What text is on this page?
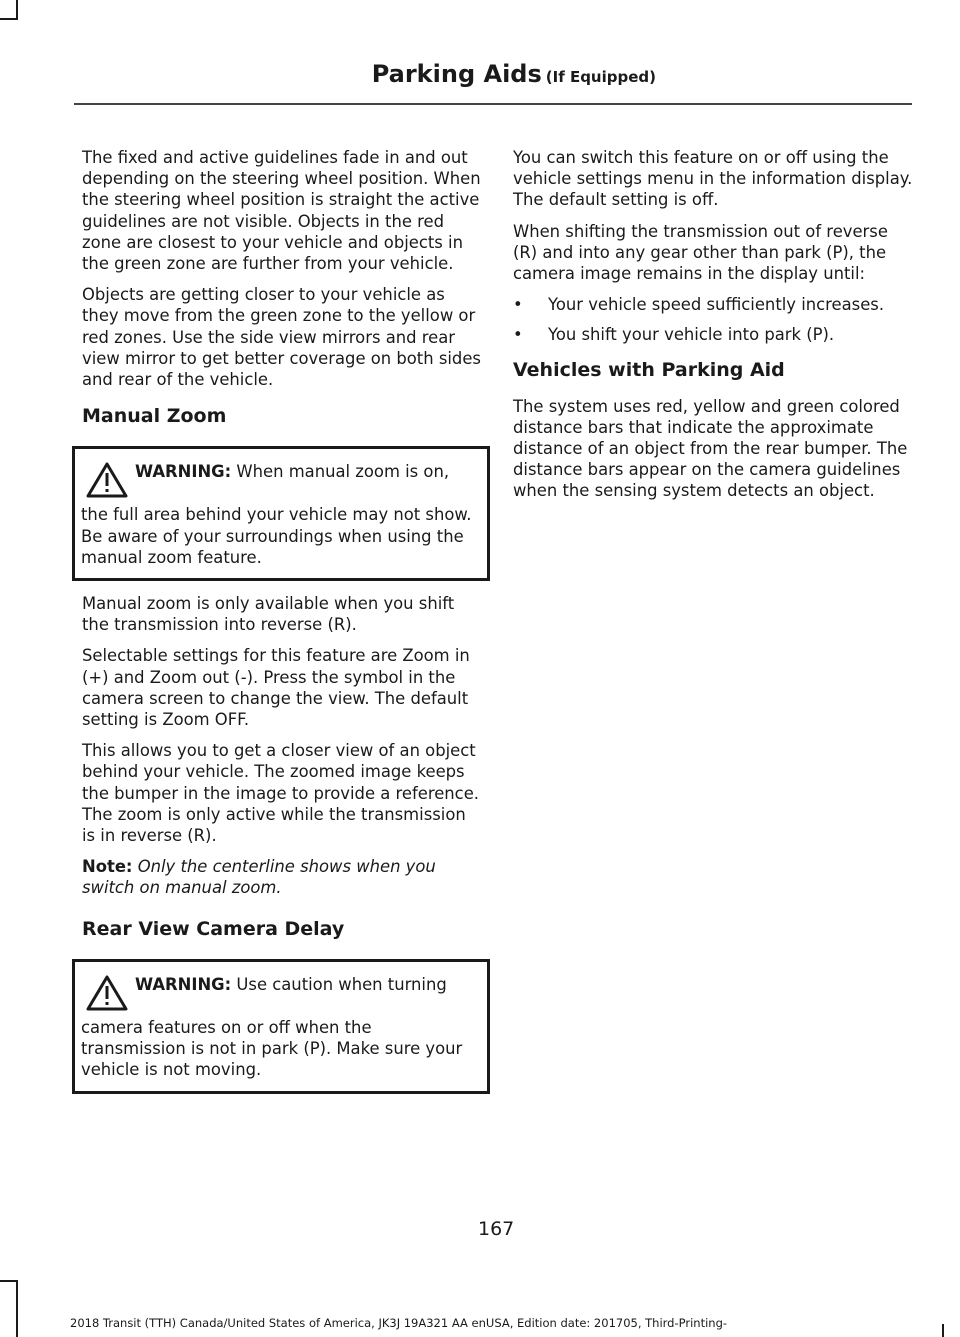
Parking Aids (If Equipped)

The fixed and active guidelines fade in and out depending on the steering wheel position. When the steering wheel position is straight the active guidelines are not visible. Objects in the red zone are closest to your vehicle and objects in the green zone are further from your vehicle.

Objects are getting closer to your vehicle as they move from the green zone to the yellow or red zones. Use the side view mirrors and rear view mirror to get better coverage on both sides and rear of the vehicle.

Manual Zoom
WARNING: When manual zoom is on, the full area behind your vehicle may not show. Be aware of your surroundings when using the manual zoom feature.

Manual zoom is only available when you shift the transmission into reverse (R).

Selectable settings for this feature are Zoom in (+) and Zoom out (-). Press the symbol in the camera screen to change the view. The default setting is Zoom OFF.

This allows you to get a closer view of an object behind your vehicle. The zoomed image keeps the bumper in the image to provide a reference. The zoom is only active while the transmission is in reverse (R).

Note: Only the centerline shows when you switch on manual zoom.

Rear View Camera Delay
WARNING: Use caution when turning camera features on or off when the transmission is not in park (P). Make sure your vehicle is not moving.

You can switch this feature on or off using the vehicle settings menu in the information display. The default setting is off.

When shifting the transmission out of reverse (R) and into any gear other than park (P), the camera image remains in the display until:

• Your vehicle speed sufficiently increases.
• You shift your vehicle into park (P).
Vehicles with Parking Aid

The system uses red, yellow and green colored distance bars that indicate the approximate distance of an object from the rear bumper. The distance bars appear on the camera guidelines when the sensing system detects an object.

167
2018 Transit (TTH) Canada/United States of America, JK3J 19A321 AA enUSA, Edition date: 201705, Third-Printing-
